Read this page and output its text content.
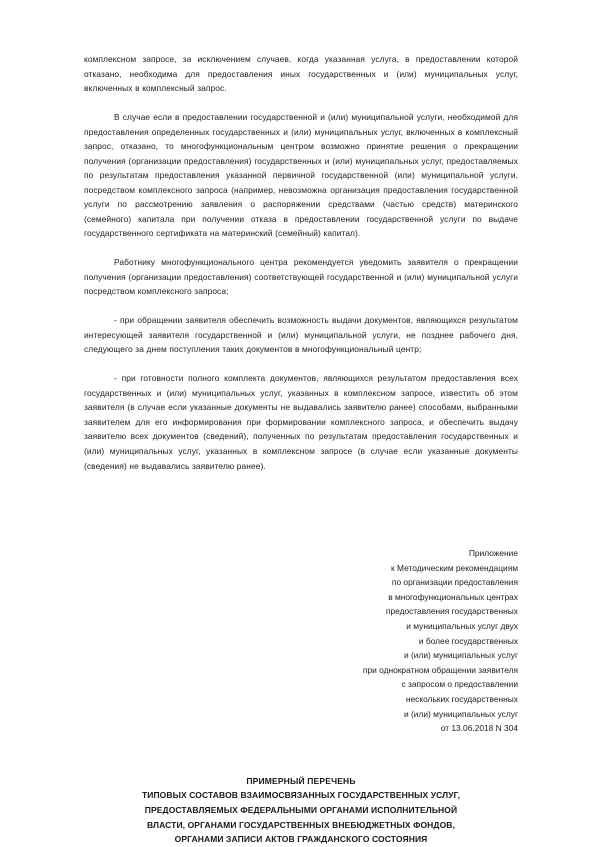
комплексном запросе, за исключением случаев, когда указанная услуга, в предоставлении которой отказано, необходима для предоставления иных государственных и (или) муниципальных услуг, включенных в комплексный запрос.

В случае если в предоставлении государственной и (или) муниципальной услуги, необходимой для предоставления определенных государственных и (или) муниципальных услуг, включенных в комплексный запрос, отказано, то многофункциональным центром возможно принятие решения о прекращении получения (организации предоставления) государственных и (или) муниципальных услуг, предоставляемых по результатам предоставления указанной первичной государственной (или) муниципальной услуги, посредством комплексного запроса (например, невозможна организация предоставления государственной услуги по рассмотрению заявления о распоряжении средствами (частью средств) материнского (семейного) капитала при получении отказа в предоставлении государственной услуги по выдаче государственного сертификата на материнский (семейный) капитал).

Работнику многофункционального центра рекомендуется уведомить заявителя о прекращении получения (организации предоставления) соответствующей государственной и (или) муниципальной услуги посредством комплексного запроса;

- при обращении заявителя обеспечить возможность выдачи документов, являющихся результатом интересующей заявителя государственной и (или) муниципальной услуги, не позднее рабочего дня, следующего за днем поступления таких документов в многофункциональный центр;

- при готовности полного комплекта документов, являющихся результатом предоставления всех государственных и (или) муниципальных услуг, указанных в комплексном запросе, известить об этом заявителя (в случае если указанные документы не выдавались заявителю ранее) способами, выбранными заявителем для его информирования при формировании комплексного запроса, и обеспечить выдачу заявителю всех документов (сведений), полученных по результатам предоставления государственных и (или) муниципальных услуг, указанных в комплексном запросе (в случае если указанные документы (сведения) не выдавались заявителю ранее).

Приложение
к Методическим рекомендациям
по организации предоставления
в многофункциональных центрах
предоставления государственных
и муниципальных услуг двух
и более государственных
и (или) муниципальных услуг
при однократном обращении заявителя
с запросом о предоставлении
нескольких государственных
и (или) муниципальных услуг
от 13.06.2018 N 304
ПРИМЕРНЫЙ ПЕРЕЧЕНЬ
ТИПОВЫХ СОСТАВОВ ВЗАИМОСВЯЗАННЫХ ГОСУДАРСТВЕННЫХ УСЛУГ,
ПРЕДОСТАВЛЯЕМЫХ ФЕДЕРАЛЬНЫМИ ОРГАНАМИ ИСПОЛНИТЕЛЬНОЙ
ВЛАСТИ, ОРГАНАМИ ГОСУДАРСТВЕННЫХ ВНЕБЮДЖЕТНЫХ ФОНДОВ,
ОРГАНАМИ ЗАПИСИ АКТОВ ГРАЖДАНСКОГО СОСТОЯНИЯ
